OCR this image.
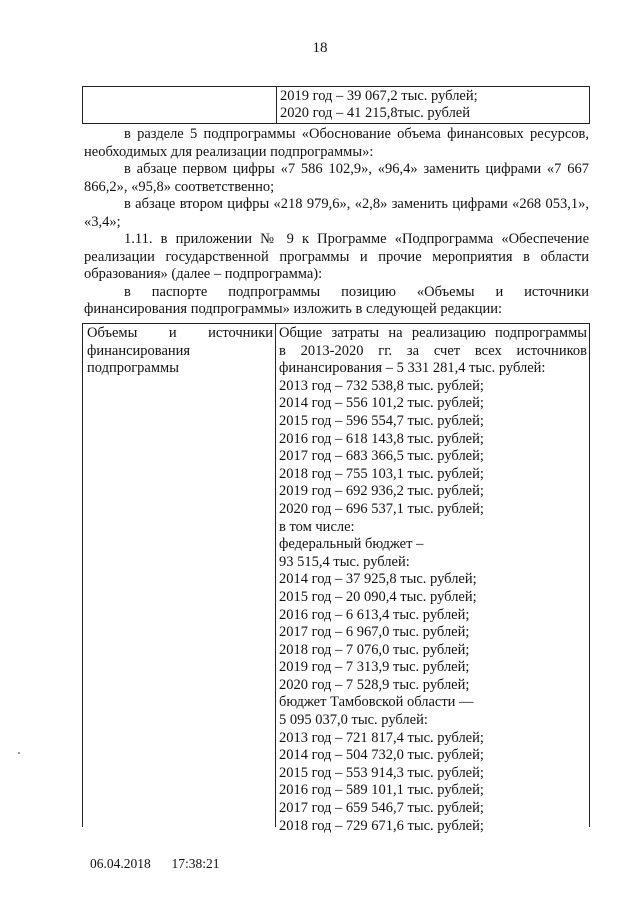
18
2019 год – 39 067,2 тыс. рублей;
2020 год – 41 215,8тыс. рублей

в разделе 5 подпрограммы «Обоснование объема финансовых ресурсов, необходимых для реализации подпрограммы»:

в абзаце первом цифры «7 586 102,9», «96,4» заменить цифрами «7 667 866,2», «95,8» соответственно;

в абзаце втором цифры «218 979,6», «2,8» заменить цифрами «268 053,1», «3,4»;

1.11. в приложении № 9 к Программе «Подпрограмма «Обеспечение реализации государственной программы и прочие мероприятия в области образования» (далее – подпрограмма):

в паспорте подпрограммы позицию «Объемы и источники финансирования подпрограммы» изложить в следующей редакции:

Объемы и источники
финансирования
подпрограммы
Общие затраты на реализацию подпрограммы
в 2013-2020 гг. за счет всех источников
финансирования – 5 331 281,4 тыс. рублей:
2013 год – 732 538,8 тыс. рублей;
2014 год – 556 101,2 тыс. рублей;
2015 год – 596 554,7 тыс. рублей;
2016 год – 618 143,8 тыс. рублей;
2017 год – 683 366,5 тыс. рублей;
2018 год – 755 103,1 тыс. рублей;
2019 год – 692 936,2 тыс. рублей;
2020 год – 696 537,1 тыс. рублей;
в том числе:
федеральный бюджет –
93 515,4 тыс. рублей:
2014 год – 37 925,8 тыс. рублей;
2015 год – 20 090,4 тыс. рублей;
2016 год – 6 613,4 тыс. рублей;
2017 год – 6 967,0 тыс. рублей;
2018 год – 7 076,0 тыс. рублей;
2019 год – 7 313,9 тыс. рублей;
2020 год – 7 528,9 тыс. рублей;
бюджет Тамбовской области —
5 095 037,0 тыс. рублей:
2013 год – 721 817,4 тыс. рублей;
2014 год – 504 732,0 тыс. рублей;
2015 год – 553 914,3 тыс. рублей;
2016 год – 589 101,1 тыс. рублей;
2017 год – 659 546,7 тыс. рублей;
2018 год – 729 671,6 тыс. рублей;
06.04.2018 17:38:21
